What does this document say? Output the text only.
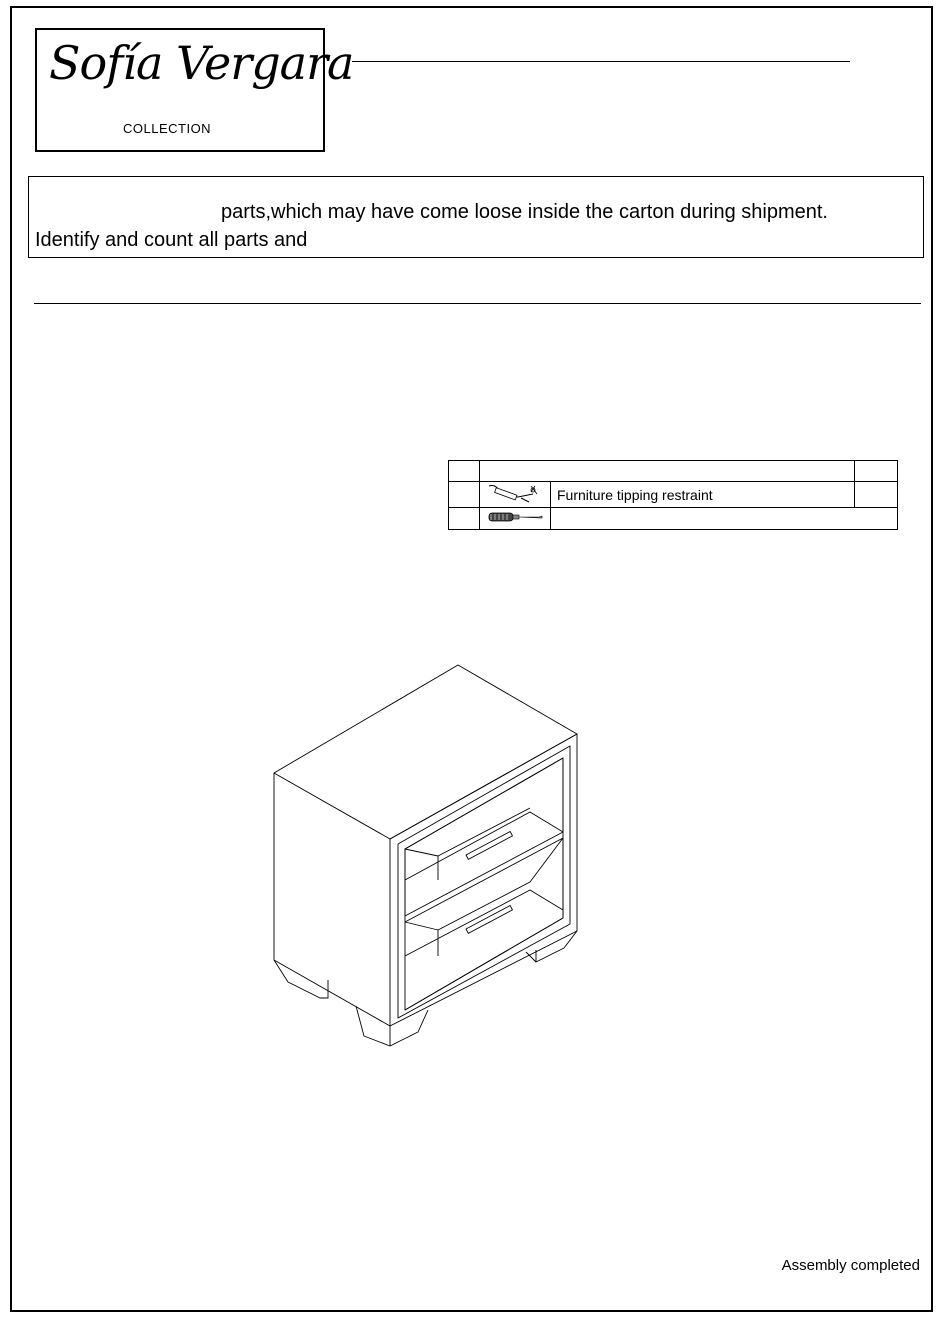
Sofía Vergara
COLLECTION
parts,which may have come loose inside the carton during shipment.
Identify and count all parts and

		Furniture tipping restraint	

Assembly completed
